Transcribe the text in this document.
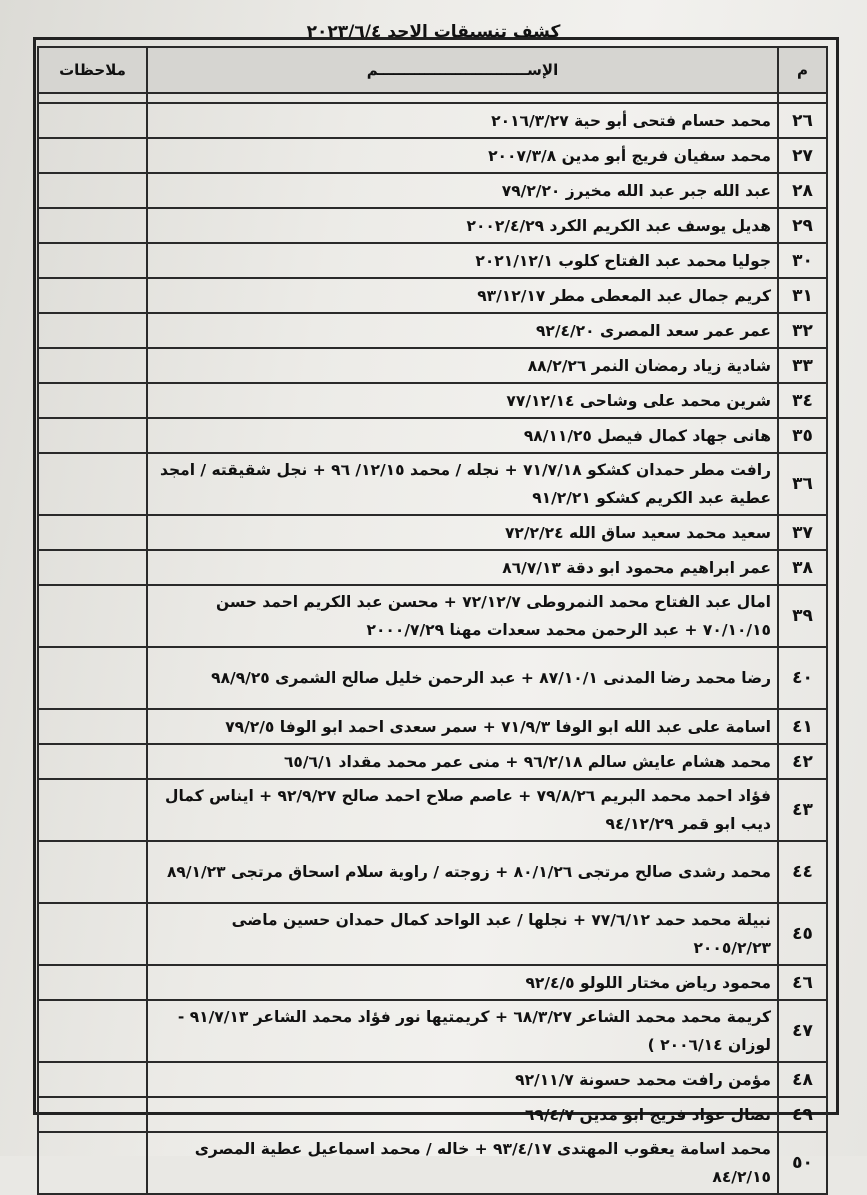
كشف تنسيقات الاحد ٢٠٢٣/٦/٤
م	الإســـــــــــــــــــــــــــــم	ملاحظات

٢٦	محمد حسام فتحى أبو حية ٢٠١٦/٣/٢٧	
٢٧	محمد سفيان فريج أبو مدين ٢٠٠٧/٣/٨	
٢٨	عبد الله جبر عبد الله مخيرز ٧٩/٢/٢٠	
٢٩	هديل يوسف عبد الكريم الكرد ٢٠٠٢/٤/٢٩	
٣٠	جوليا محمد عبد الفتاح كلوب ٢٠٢١/١٢/١	
٣١	كريم جمال عبد المعطى مطر ٩٣/١٢/١٧	
٣٢	عمر عمر سعد المصرى ٩٢/٤/٢٠	
٣٣	شادية زياد رمضان النمر ٨٨/٢/٢٦	
٣٤	شرين محمد على وشاحى ٧٧/١٢/١٤	
٣٥	هانى جهاد كمال فيصل ٩٨/١١/٢٥	
٣٦	رافت مطر حمدان كشكو ٧١/٧/١٨ + نجله / محمد ١٢/١٥/ ٩٦ + نجل شقيقته / امجد عطية عبد الكريم كشكو ٩١/٢/٢١	
٣٧	سعيد محمد سعيد ساق الله ٧٢/٢/٢٤	
٣٨	عمر ابراهيم محمود ابو دقة ٨٦/٧/١٣	
٣٩	امال عبد الفتاح محمد النمروطى ٧٢/١٢/٧ + محسن عبد الكريم احمد حسن ٧٠/١٠/١٥ + عبد الرحمن محمد سعدات مهنا ٢٠٠٠/٧/٢٩	
٤٠	رضا محمد رضا المدنى ٨٧/١٠/١ + عبد الرحمن خليل صالح الشمرى ٩٨/٩/٢٥	
٤١	اسامة على عبد الله ابو الوفا ٧١/٩/٣ + سمر سعدى احمد ابو الوفا ٧٩/٢/٥	
٤٢	محمد هشام عايش سالم ٩٦/٢/١٨ + منى عمر محمد مقداد ٦٥/٦/١	
٤٣	فؤاد احمد محمد البريم ٧٩/٨/٢٦ + عاصم صلاح احمد صالح ٩٢/٩/٢٧ + ايناس كمال ديب ابو قمر ٩٤/١٢/٢٩	
٤٤	محمد رشدى صالح مرتجى ٨٠/١/٢٦ + زوجته / راوية سلام اسحاق مرتجى ٨٩/١/٢٣	
٤٥	نبيلة محمد حمد ٧٧/٦/١٢ + نجلها / عبد الواحد كمال حمدان حسين ماضى ٢٠٠٥/٢/٢٣	
٤٦	محمود رياض مختار اللولو ٩٢/٤/٥	
٤٧	كريمة محمد محمد الشاعر ٦٨/٣/٢٧ + كريمتيها نور فؤاد محمد الشاعر ٩١/٧/١٣ - لوزان ٢٠٠٦/١٤ )	
٤٨	مؤمن رافت محمد حسونة ٩٢/١١/٧	
٤٩	نضال عواد فريج ابو مدين ٦٩/٤/٧	
٥٠	محمد اسامة يعقوب المهتدى ٩٣/٤/١٧ + خاله / محمد اسماعيل عطية المصرى ٨٤/٢/١٥	
